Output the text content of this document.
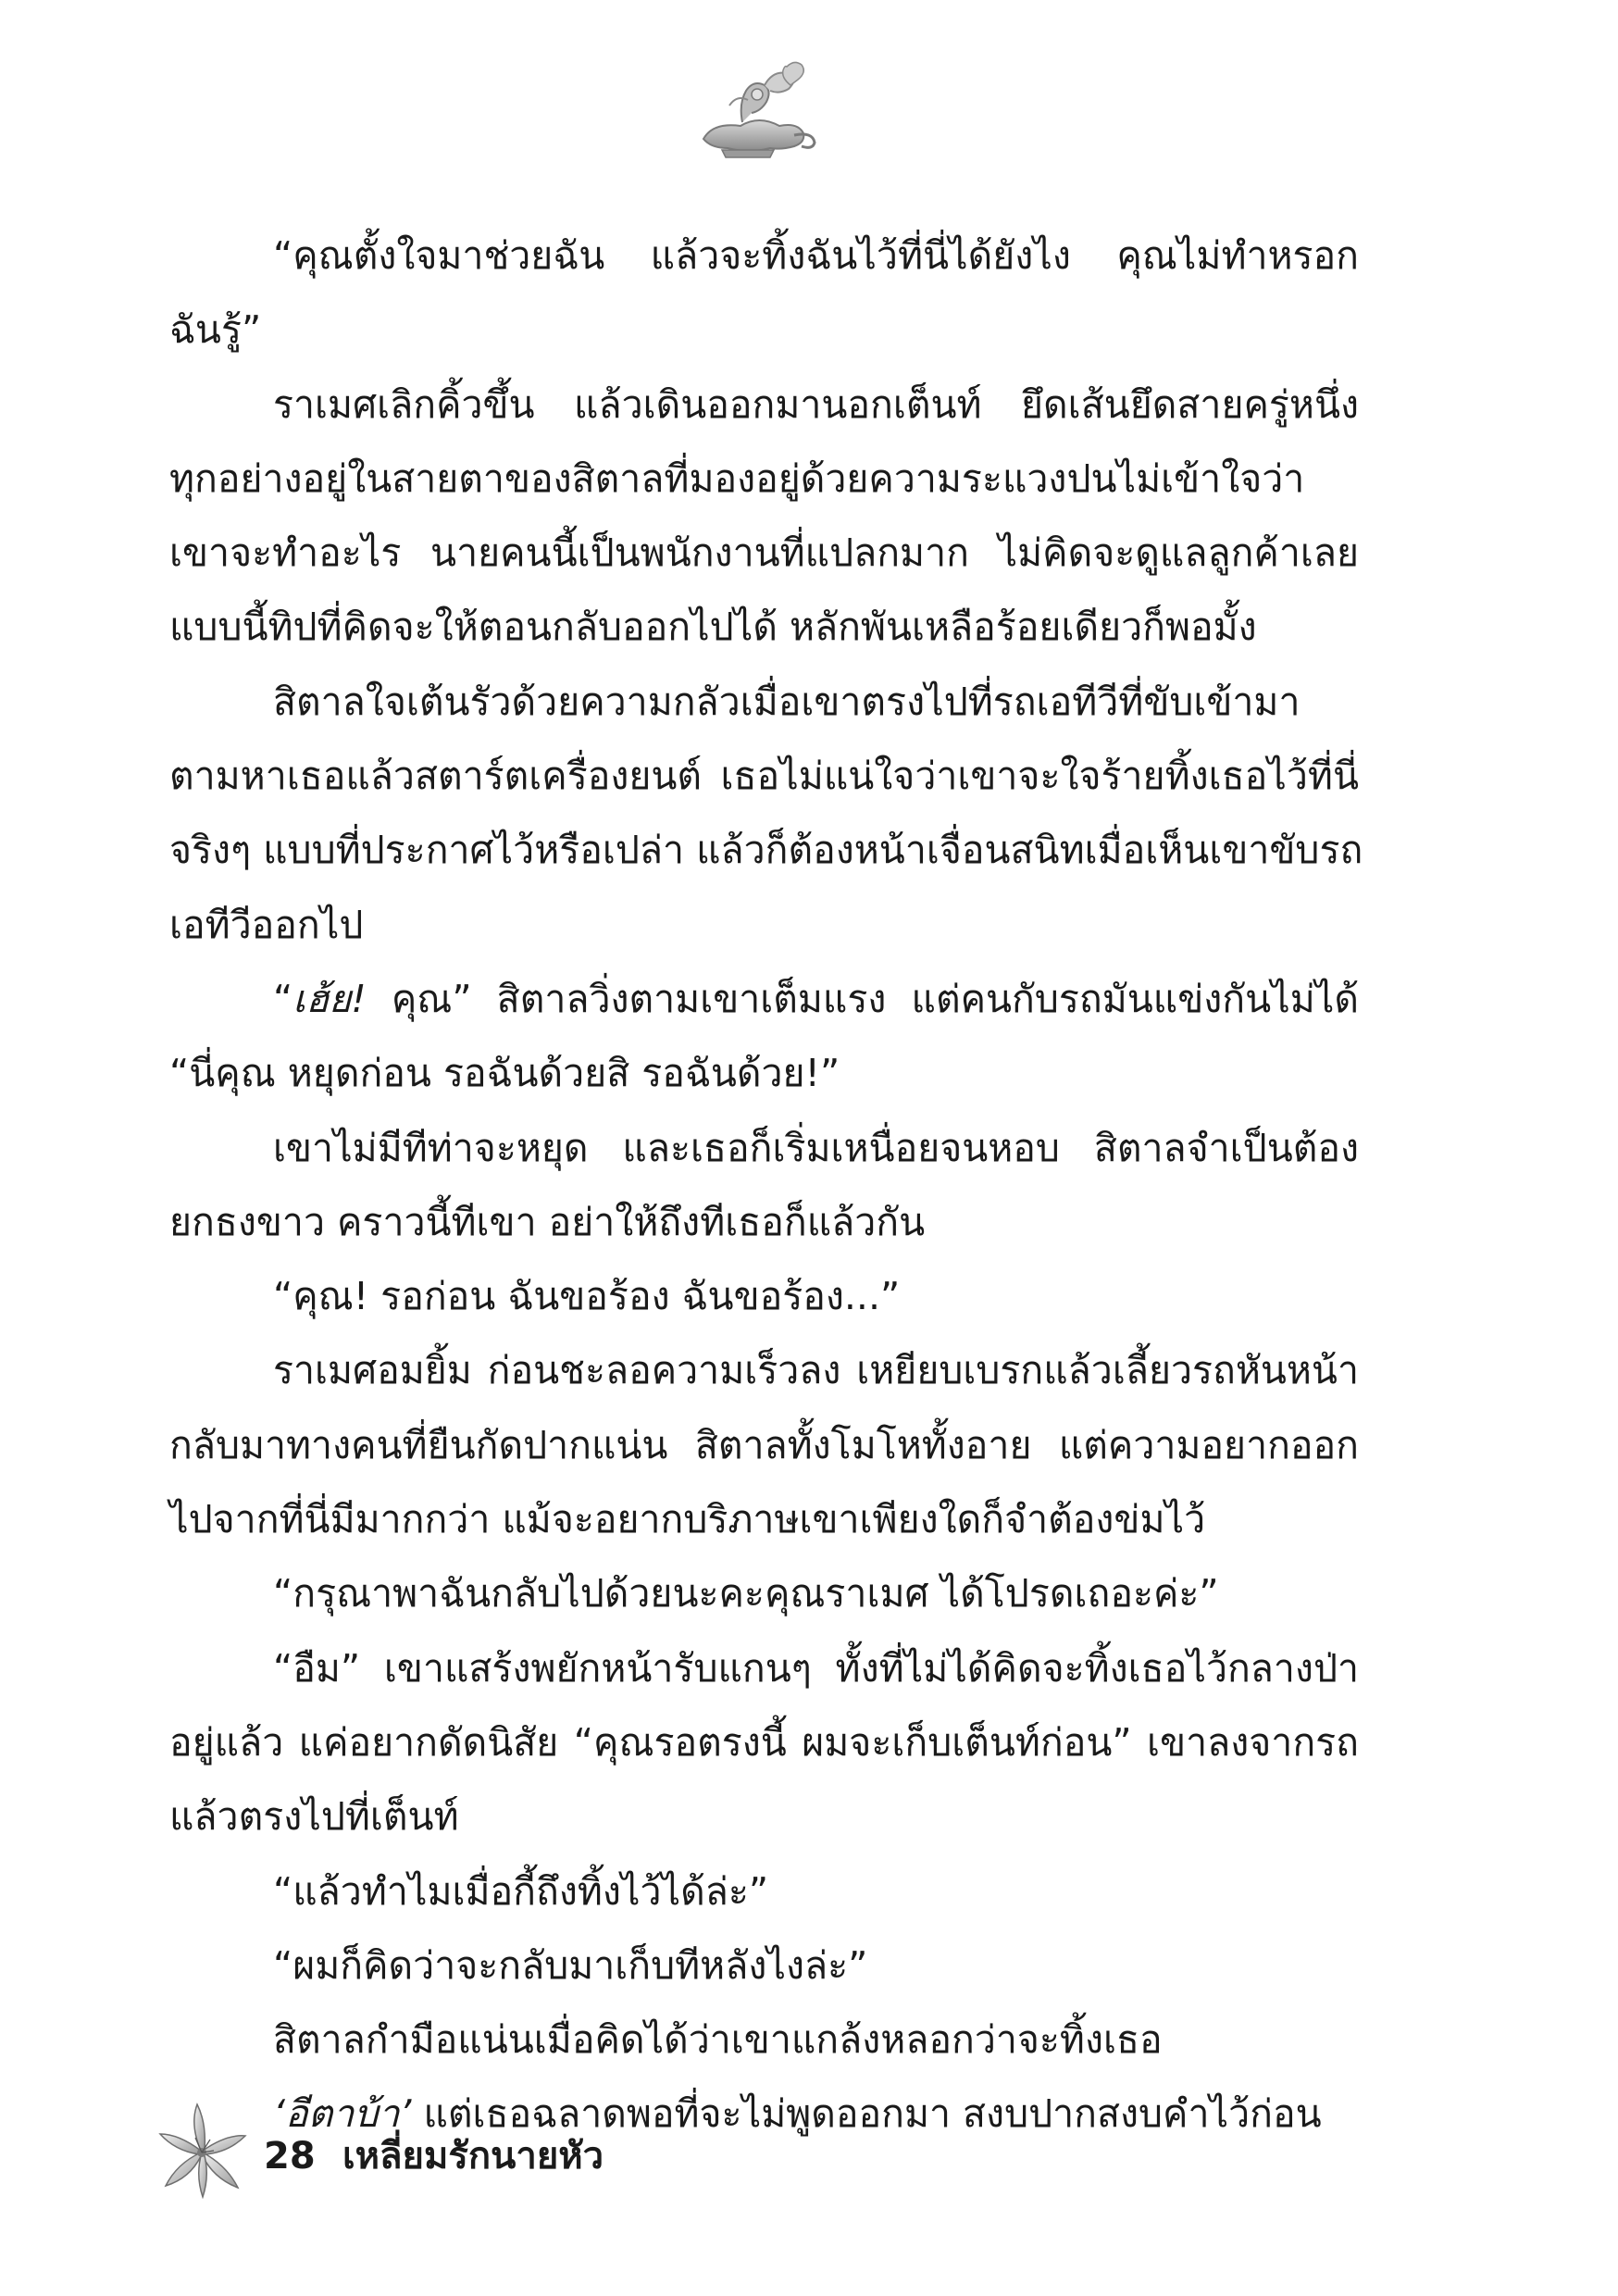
“คุณตั้งใจมาช่วยฉัน แล้วจะทิ้งฉันไว้ที่นี่ได้ยังไง คุณไม่ทำหรอก
ฉันรู้”
ราเมศเลิกคิ้วขึ้น แล้วเดินออกมานอกเต็นท์ ยึดเส้นยึดสายครู่หนึ่ง
ทุกอย่างอยู่ในสายตาของสิตาลที่มองอยู่ด้วยความระแวงปนไม่เข้าใจว่า
เขาจะทำอะไร นายคนนี้เป็นพนักงานที่แปลกมาก ไม่คิดจะดูแลลูกค้าเลย
แบบนี้ทิปที่คิดจะให้ตอนกลับออกไปได้ หลักพันเหลือร้อยเดียวก็พอมั้ง
สิตาลใจเต้นรัวด้วยความกลัวเมื่อเขาตรงไปที่รถเอทีวีที่ขับเข้ามา
ตามหาเธอแล้วสตาร์ตเครื่องยนต์ เธอไม่แน่ใจว่าเขาจะใจร้ายทิ้งเธอไว้ที่นี่
จริงๆ แบบที่ประกาศไว้หรือเปล่า แล้วก็ต้องหน้าเจื่อนสนิทเมื่อเห็นเขาขับรถ
เอทีวีออกไป
“เฮ้ย! คุณ” สิตาลวิ่งตามเขาเต็มแรง แต่คนกับรถมันแข่งกันไม่ได้
“นี่คุณ หยุดก่อน รอฉันด้วยสิ รอฉันด้วย!”
เขาไม่มีทีท่าจะหยุด และเธอก็เริ่มเหนื่อยจนหอบ สิตาลจำเป็นต้อง
ยกธงขาว คราวนี้ทีเขา อย่าให้ถึงทีเธอก็แล้วกัน
“คุณ! รอก่อน ฉันขอร้อง ฉันขอร้อง...”
ราเมศอมยิ้ม ก่อนชะลอความเร็วลง เหยียบเบรกแล้วเลี้ยวรถหันหน้า
กลับมาทางคนที่ยืนกัดปากแน่น สิตาลทั้งโมโหทั้งอาย แต่ความอยากออก
ไปจากที่นี่มีมากกว่า แม้จะอยากบริภาษเขาเพียงใดก็จำต้องข่มไว้
“กรุณาพาฉันกลับไปด้วยนะคะคุณราเมศ ได้โปรดเถอะค่ะ”
“อืม” เขาแสร้งพยักหน้ารับแกนๆ ทั้งที่ไม่ได้คิดจะทิ้งเธอไว้กลางป่า
อยู่แล้ว แค่อยากดัดนิสัย “คุณรอตรงนี้ ผมจะเก็บเต็นท์ก่อน” เขาลงจากรถ
แล้วตรงไปที่เต็นท์
“แล้วทำไมเมื่อกี้ถึงทิ้งไว้ได้ล่ะ”
“ผมก็คิดว่าจะกลับมาเก็บทีหลังไงล่ะ”
สิตาลกำมือแน่นเมื่อคิดได้ว่าเขาแกล้งหลอกว่าจะทิ้งเธอ
‘อีตาบ้า’ แต่เธอฉลาดพอที่จะไม่พูดออกมา สงบปากสงบคำไว้ก่อน
28 เหลี่ยมรักนายหัว
